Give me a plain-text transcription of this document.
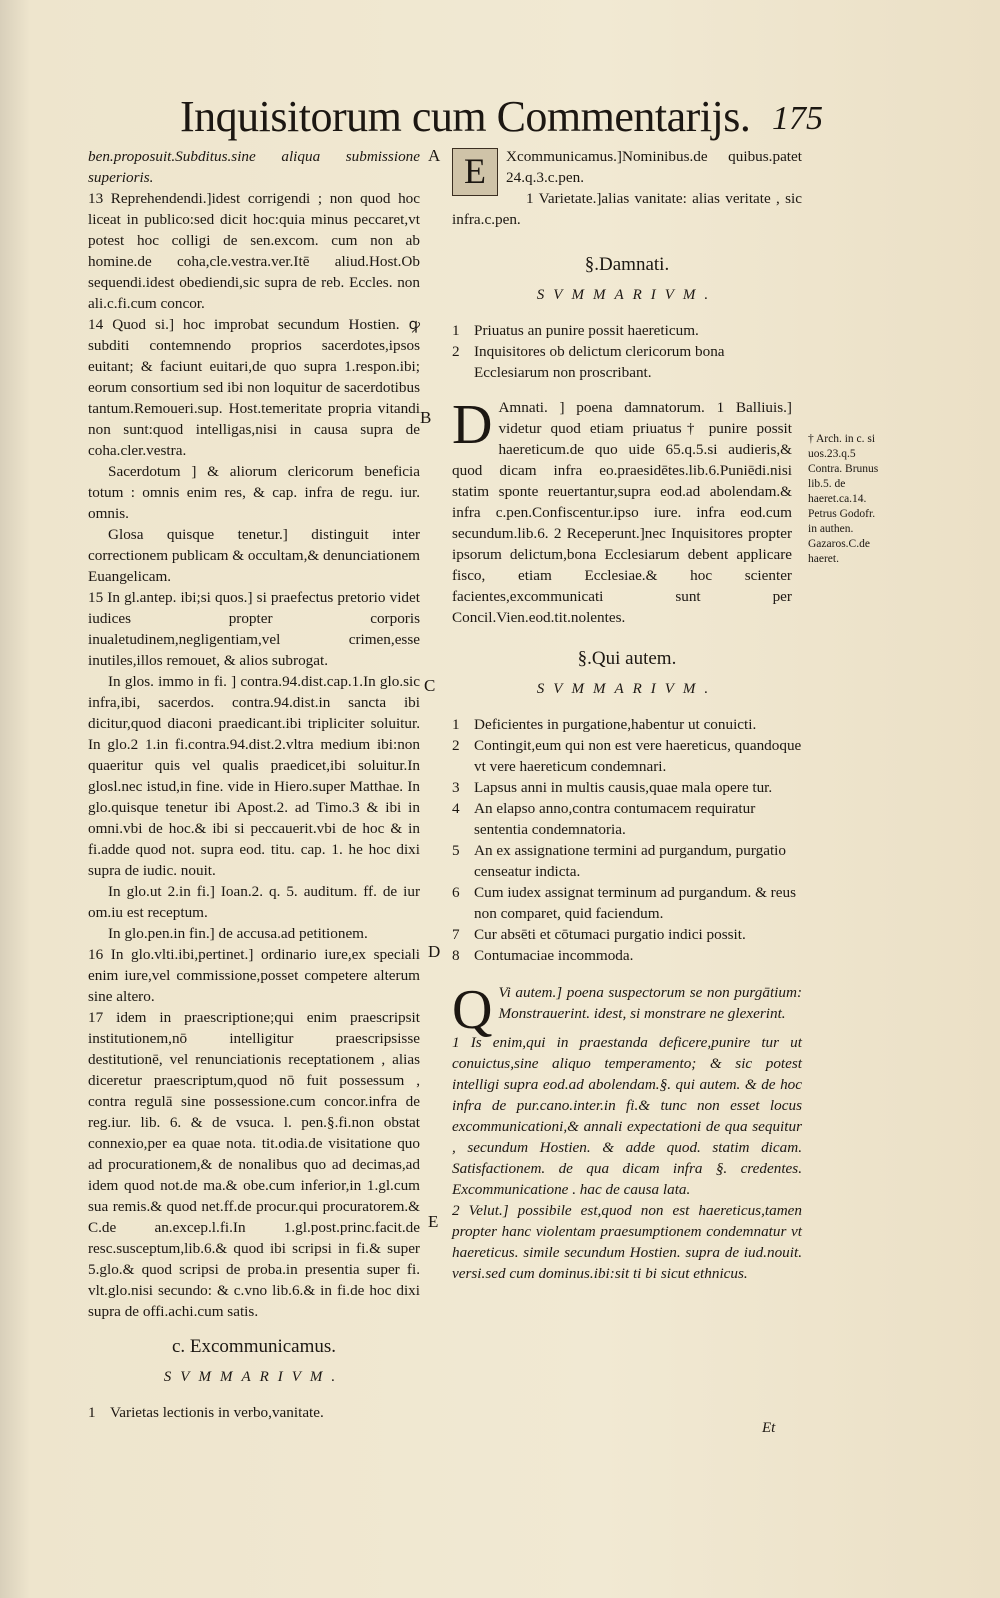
Inquisitorum cum Commentarijs. 175
A
B
C
D
E

ben.proposuit.Subditus.sine aliqua submissione superioris.

13 Reprehendendi.]idest corrigendi ; non quod hoc liceat in publico:sed dicit hoc:quia minus peccaret,vt potest hoc colligi de sen.excom. cum non ab homine.de coha,cle.vestra.ver.Itē aliud.Host.Ob sequendi.idest obediendi,sic supra de reb. Eccles. non ali.c.fi.cum concor.

14 Quod si.] hoc improbat secundum Hostien. ꝙ subditi contemnendo proprios sacerdotes,ipsos euitant; & faciunt euitari,de quo supra 1.respon.ibi; eorum consortium sed ibi non loquitur de sacerdotibus tantum.Remoueri.sup. Host.temeritate propria vitandi non sunt:quod intelligas,nisi in causa supra de coha.cler.vestra.

Sacerdotum ] & aliorum clericorum beneficia totum : omnis enim res, & cap. infra de regu. iur. omnis.

Glosa quisque tenetur.] distinguit inter correctionem publicam & occultam,& denunciationem Euangelicam.

15 In gl.antep. ibi;si quos.] si praefectus pretorio videt iudices propter corporis inualetudinem,negligentiam,vel crimen,esse inutiles,illos remouet, & alios subrogat.

In glos. immo in fi. ] contra.94.dist.cap.1.In glo.sic infra,ibi, sacerdos. contra.94.dist.in sancta ibi dicitur,quod diaconi praedicant.ibi tripliciter soluitur. In glo.2 1.in fi.contra.94.dist.2.vltra medium ibi:non quaeritur quis vel qualis praedicet,ibi soluitur.In glosl.nec istud,in fine. vide in Hiero.super Matthae. In glo.quisque tenetur ibi Apost.2. ad Timo.3 & ibi in omni.vbi de hoc.& ibi si peccauerit.vbi de hoc & in fi.adde quod not. supra eod. titu. cap. 1. he hoc dixi supra de iudic. nouit.

In glo.ut 2.in fi.] Ioan.2. q. 5. auditum. ff. de iur om.iu est receptum.

In glo.pen.in fin.] de accusa.ad petitionem.

16 In glo.vlti.ibi,pertinet.] ordinario iure,ex speciali enim iure,vel commissione,posset competere alterum sine altero.

17 idem in praescriptione;qui enim praescripsit institutionem,nō intelligitur praescripsisse destitutionē, vel renunciationis receptationem , alias diceretur praescriptum,quod nō fuit possessum , contra regulā sine possessione.cum concor.infra de reg.iur. lib. 6. & de vsuca. l. pen.§.fi.non obstat connexio,per ea quae nota. tit.odia.de visitatione quo ad procurationem,& de nonalibus quo ad decimas,ad idem quod not.de ma.& obe.cum inferior,in 1.gl.cum sua remis.& quod net.ff.de procur.qui procuratorem.& C.de an.excep.l.fi.In 1.gl.post.princ.facit.de resc.susceptum,lib.6.& quod ibi scripsi in fi.& super 5.glo.& quod scripsi de proba.in presentia super fi. vlt.glo.nisi secundo: & c.vno lib.6.& in fi.de hoc dixi supra de offi.achi.cum satis.

c. Excommunicamus.
SVMMARIVM.
1 Varietas lectionis in verbo,vanitate.
E	Xcommunicamus.]Nominibus.de quibus.patet 24.q.3.c.pen.

1 Varietate.]alias vanitate: alias veritate , sic infra.c.pen.

§.Damnati.
SVMMARIVM.
1 Priuatus an punire possit haereticum.
2 Inquisitores ob delictum clericorum bona Ecclesiarum non proscribant.
D Amnati. ] poena damnatorum. 1 Balliuis.] videtur quod etiam priuatus† punire possit haereticum.de quo uide 65.q.5.si audieris,& quod dicam infra eo.praesidētes.lib.6.Puniēdi.nisi statim sponte reuertantur,supra eod.ad abolendam.& infra c.pen.Confiscentur.ipso iure. infra eod.cum secundum.lib.6. 2 Receperunt.]nec Inquisitores propter ipsorum delictum,bona Ecclesiarum debent applicare fisco, etiam Ecclesiae.& hoc scienter facientes,excommunicati sunt per Concil.Vien.eod.tit.nolentes.

§.Qui autem.
SVMMARIVM.
1 Deficientes in purgatione,habentur ut conuicti.
2 Contingit,eum qui non est vere haereticus, quandoque vt vere haereticum condemnari.
3 Lapsus anni in multis causis,quae mala opere tur.
4 An elapso anno,contra contumacem requiratur sententia condemnatoria.
5 An ex assignatione termini ad purgandum, purgatio censeatur indicta.
6 Cum iudex assignat terminum ad purgandum. & reus non comparet, quid faciendum.
7 Cur absēti et cōtumaci purgatio indici possit.
8 Contumaciae incommoda.
Q Vi autem.] poena suspectorum se non purgātium: Monstrauerint. idest, si monstrare ne glexerint.

1 Is enim,qui in praestanda deficere,punire tur ut conuictus,sine aliquo temperamento; & sic potest intelligi supra eod.ad abolendam.§. qui autem. & de hoc infra de pur.cano.inter.in fi.& tunc non esset locus excommunicationi,& annali expectationi de qua sequitur , secundum Hostien. & adde quod. statim dicam. Satisfactionem. de qua dicam infra §. credentes. Excommunicatione . hac de causa lata.

2 Velut.] possibile est,quod non est haereticus,tamen propter hanc violentam praesumptionem condemnatur vt haereticus. simile secundum Hostien. supra de iud.nouit. versi.sed cum dominus.ibi:sit ti bi sicut ethnicus.

† Arch. in c. si uos.23.q.5 Contra. Brunus lib.5. de haeret.ca.14. Petrus Godofr. in authen. Gazaros.C.de haeret.
Et
